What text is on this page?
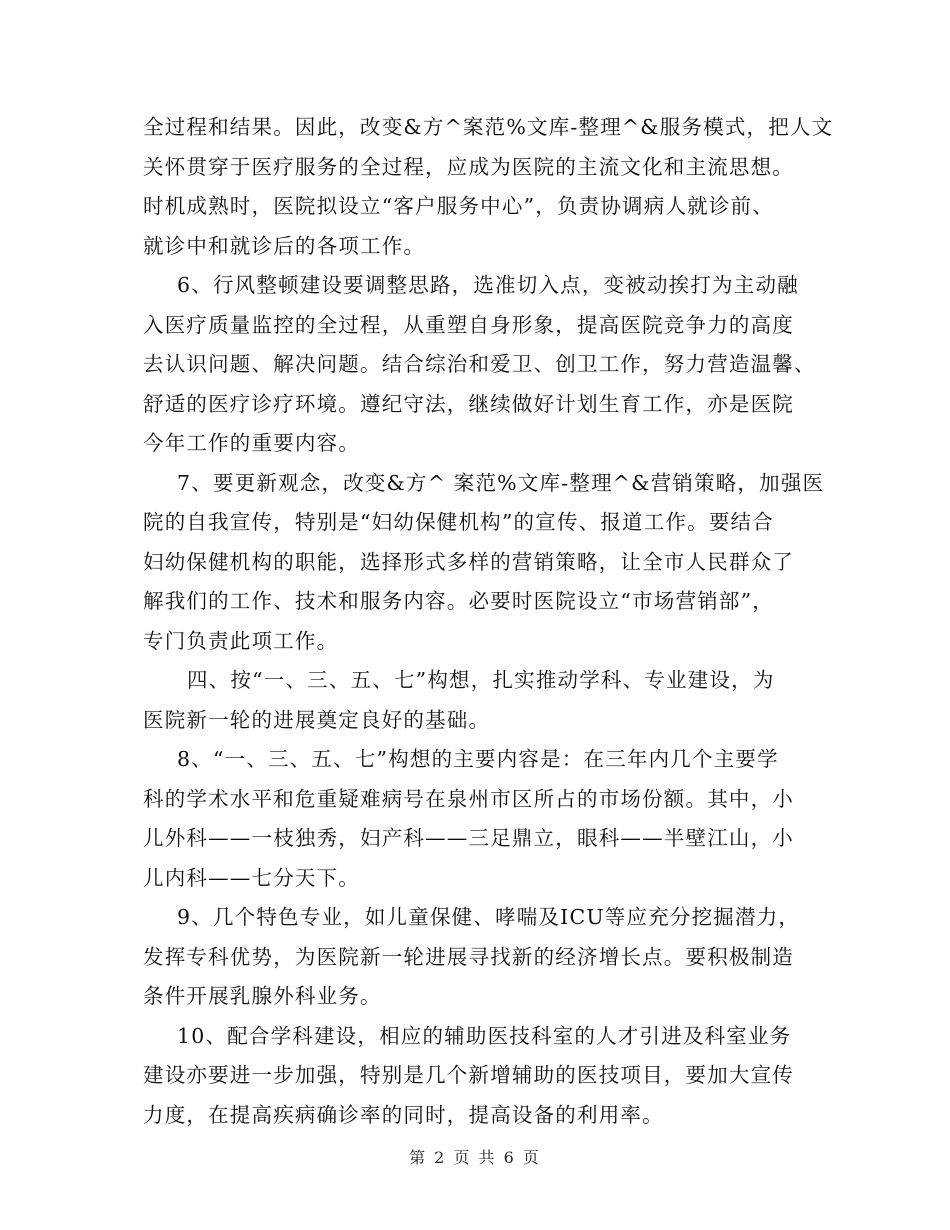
全过程和结果。因此，改变&方^案范%文库-整理^&服务模式，把人文
关怀贯穿于医疗服务的全过程，应成为医院的主流文化和主流思想。
时机成熟时，医院拟设立“客户服务中心”，负责协调病人就诊前、
就诊中和就诊后的各项工作。

6、行风整顿建设要调整思路，选准切入点，变被动挨打为主动融
入医疗质量监控的全过程，从重塑自身形象，提高医院竞争力的高度
去认识问题、解决问题。结合综治和爱卫、创卫工作，努力营造温馨、
舒适的医疗诊疗环境。遵纪守法，继续做好计划生育工作，亦是医院
今年工作的重要内容。

7、要更新观念，改变&方^ 案范%文库-整理^&营销策略，加强医
院的自我宣传，特别是“妇幼保健机构”的宣传、报道工作。要结合
妇幼保健机构的职能，选择形式多样的营销策略，让全市人民群众了
解我们的工作、技术和服务内容。必要时医院设立“市场营销部”，
专门负责此项工作。

四、按“一、三、五、七”构想，扎实推动学科、专业建设，为
医院新一轮的进展奠定良好的基础。

8、“一、三、五、七”构想的主要内容是：在三年内几个主要学
科的学术水平和危重疑难病号在泉州市区所占的市场份额。其中，小
儿外科——一枝独秀，妇产科——三足鼎立，眼科——半壁江山，小
儿内科——七分天下。

9、几个特色专业，如儿童保健、哮喘及ICU等应充分挖掘潜力，
发挥专科优势，为医院新一轮进展寻找新的经济增长点。要积极制造
条件开展乳腺外科业务。

10、配合学科建设，相应的辅助医技科室的人才引进及科室业务
建设亦要进一步加强，特别是几个新增辅助的医技项目，要加大宣传
力度，在提高疾病确诊率的同时，提高设备的利用率。

第 2 页 共 6 页
